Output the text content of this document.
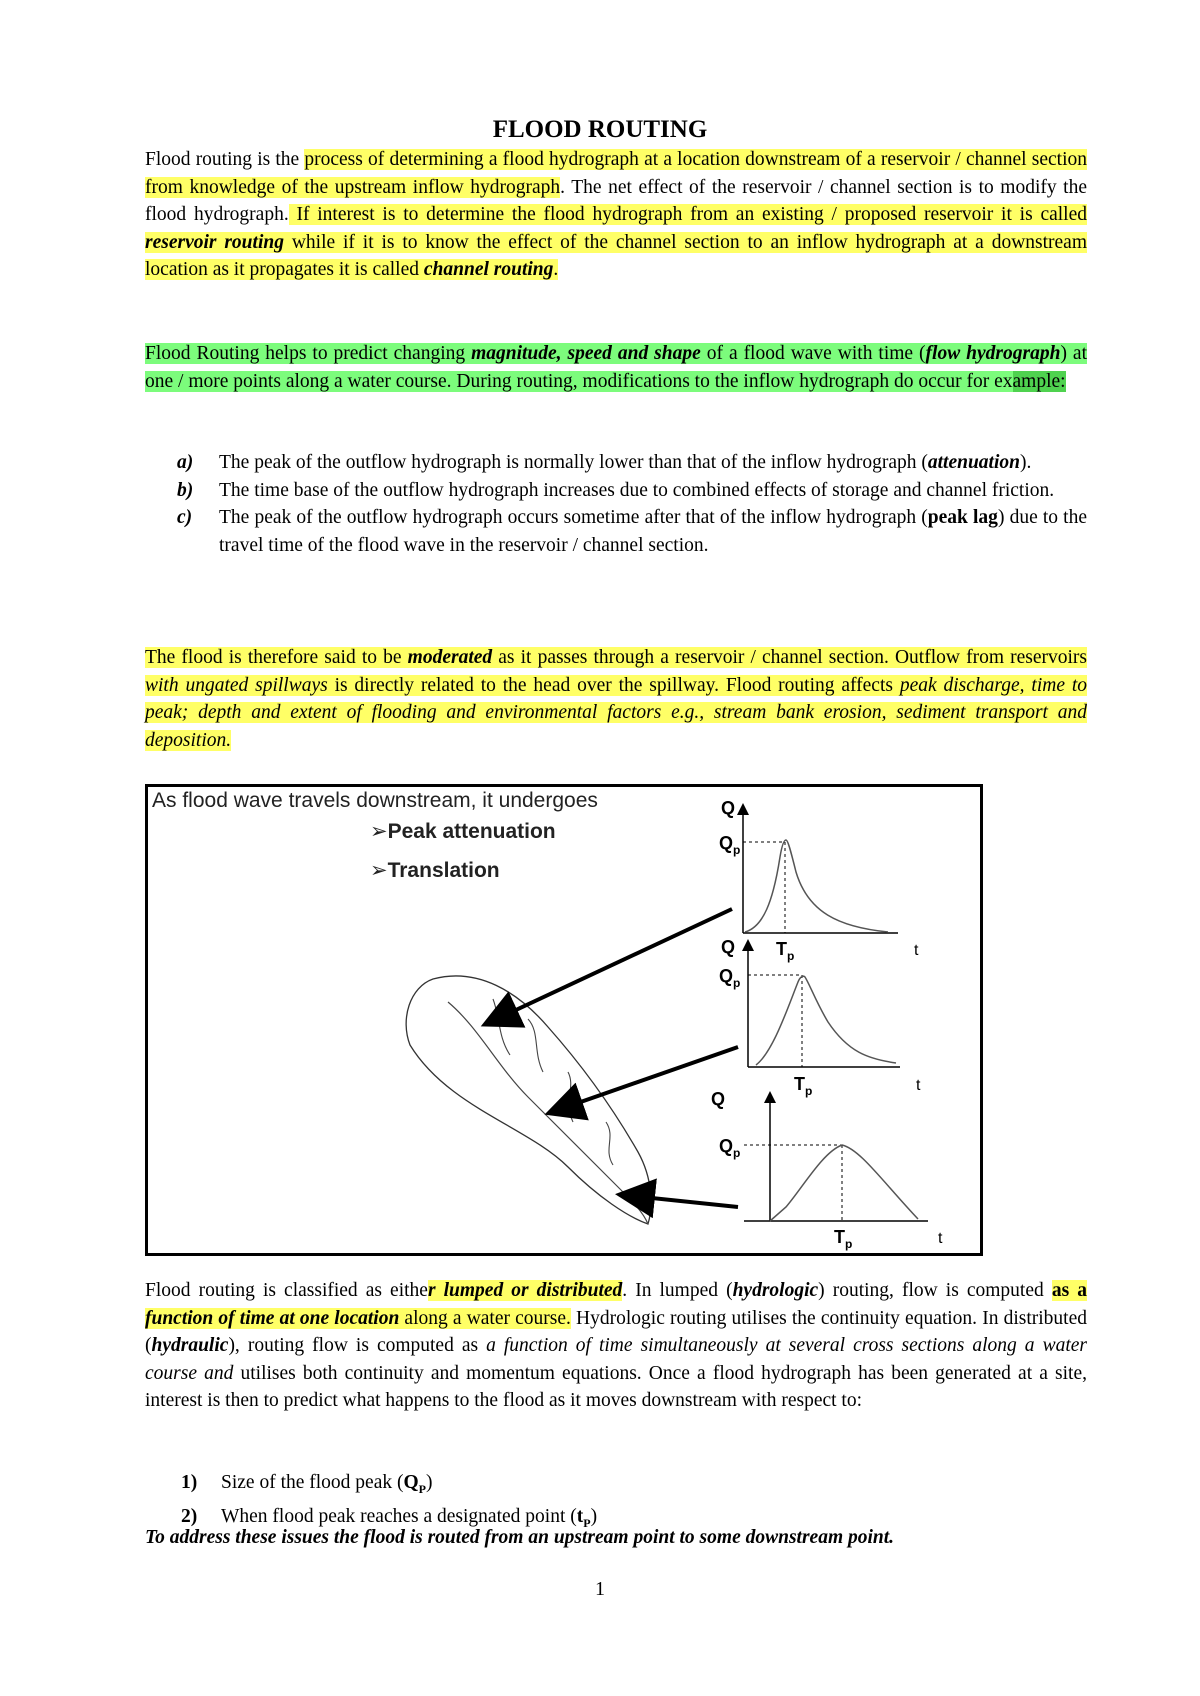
FLOOD ROUTING
Flood routing is the process of determining a flood hydrograph at a location downstream of a reservoir / channel section from knowledge of the upstream inflow hydrograph. The net effect of the reservoir / channel section is to modify the flood hydrograph. If interest is to determine the flood hydrograph from an existing / proposed reservoir it is called reservoir routing while if it is to know the effect of the channel section to an inflow hydrograph at a downstream location as it propagates it is called channel routing.
Flood Routing helps to predict changing magnitude, speed and shape of a flood wave with time (flow hydrograph) at one / more points along a water course. During routing, modifications to the inflow hydrograph do occur for example:
a) The peak of the outflow hydrograph is normally lower than that of the inflow hydrograph (attenuation).
b) The time base of the outflow hydrograph increases due to combined effects of storage and channel friction.
c) The peak of the outflow hydrograph occurs sometime after that of the inflow hydrograph (peak lag) due to the travel time of the flood wave in the reservoir / channel section.
The flood is therefore said to be moderated as it passes through a reservoir / channel section. Outflow from reservoirs with ungated spillways is directly related to the head over the spillway. Flood routing affects peak discharge, time to peak; depth and extent of flooding and environmental factors e.g., stream bank erosion, sediment transport and deposition.
As flood wave travels downstream, it undergoes
➢Peak attenuation
➢Translation
Q
$Q_p$
$T_p$	t
Q
$Q_p$
$T_p$	t
Q
$Q_p$
$T_p$	t
Flood routing is classified as either lumped or distributed. In lumped (hydrologic) routing, flow is computed as a function of time at one location along a water course. Hydrologic routing utilises the continuity equation. In distributed (hydraulic), routing flow is computed as a function of time simultaneously at several cross sections along a water course and utilises both continuity and momentum equations. Once a flood hydrograph has been generated at a site, interest is then to predict what happens to the flood as it moves downstream with respect to:
1) Size of the flood peak $(Q_P)$
2) When flood peak reaches a designated point $(t_P)$
To address these issues the flood is routed from an upstream point to some downstream point.
1
